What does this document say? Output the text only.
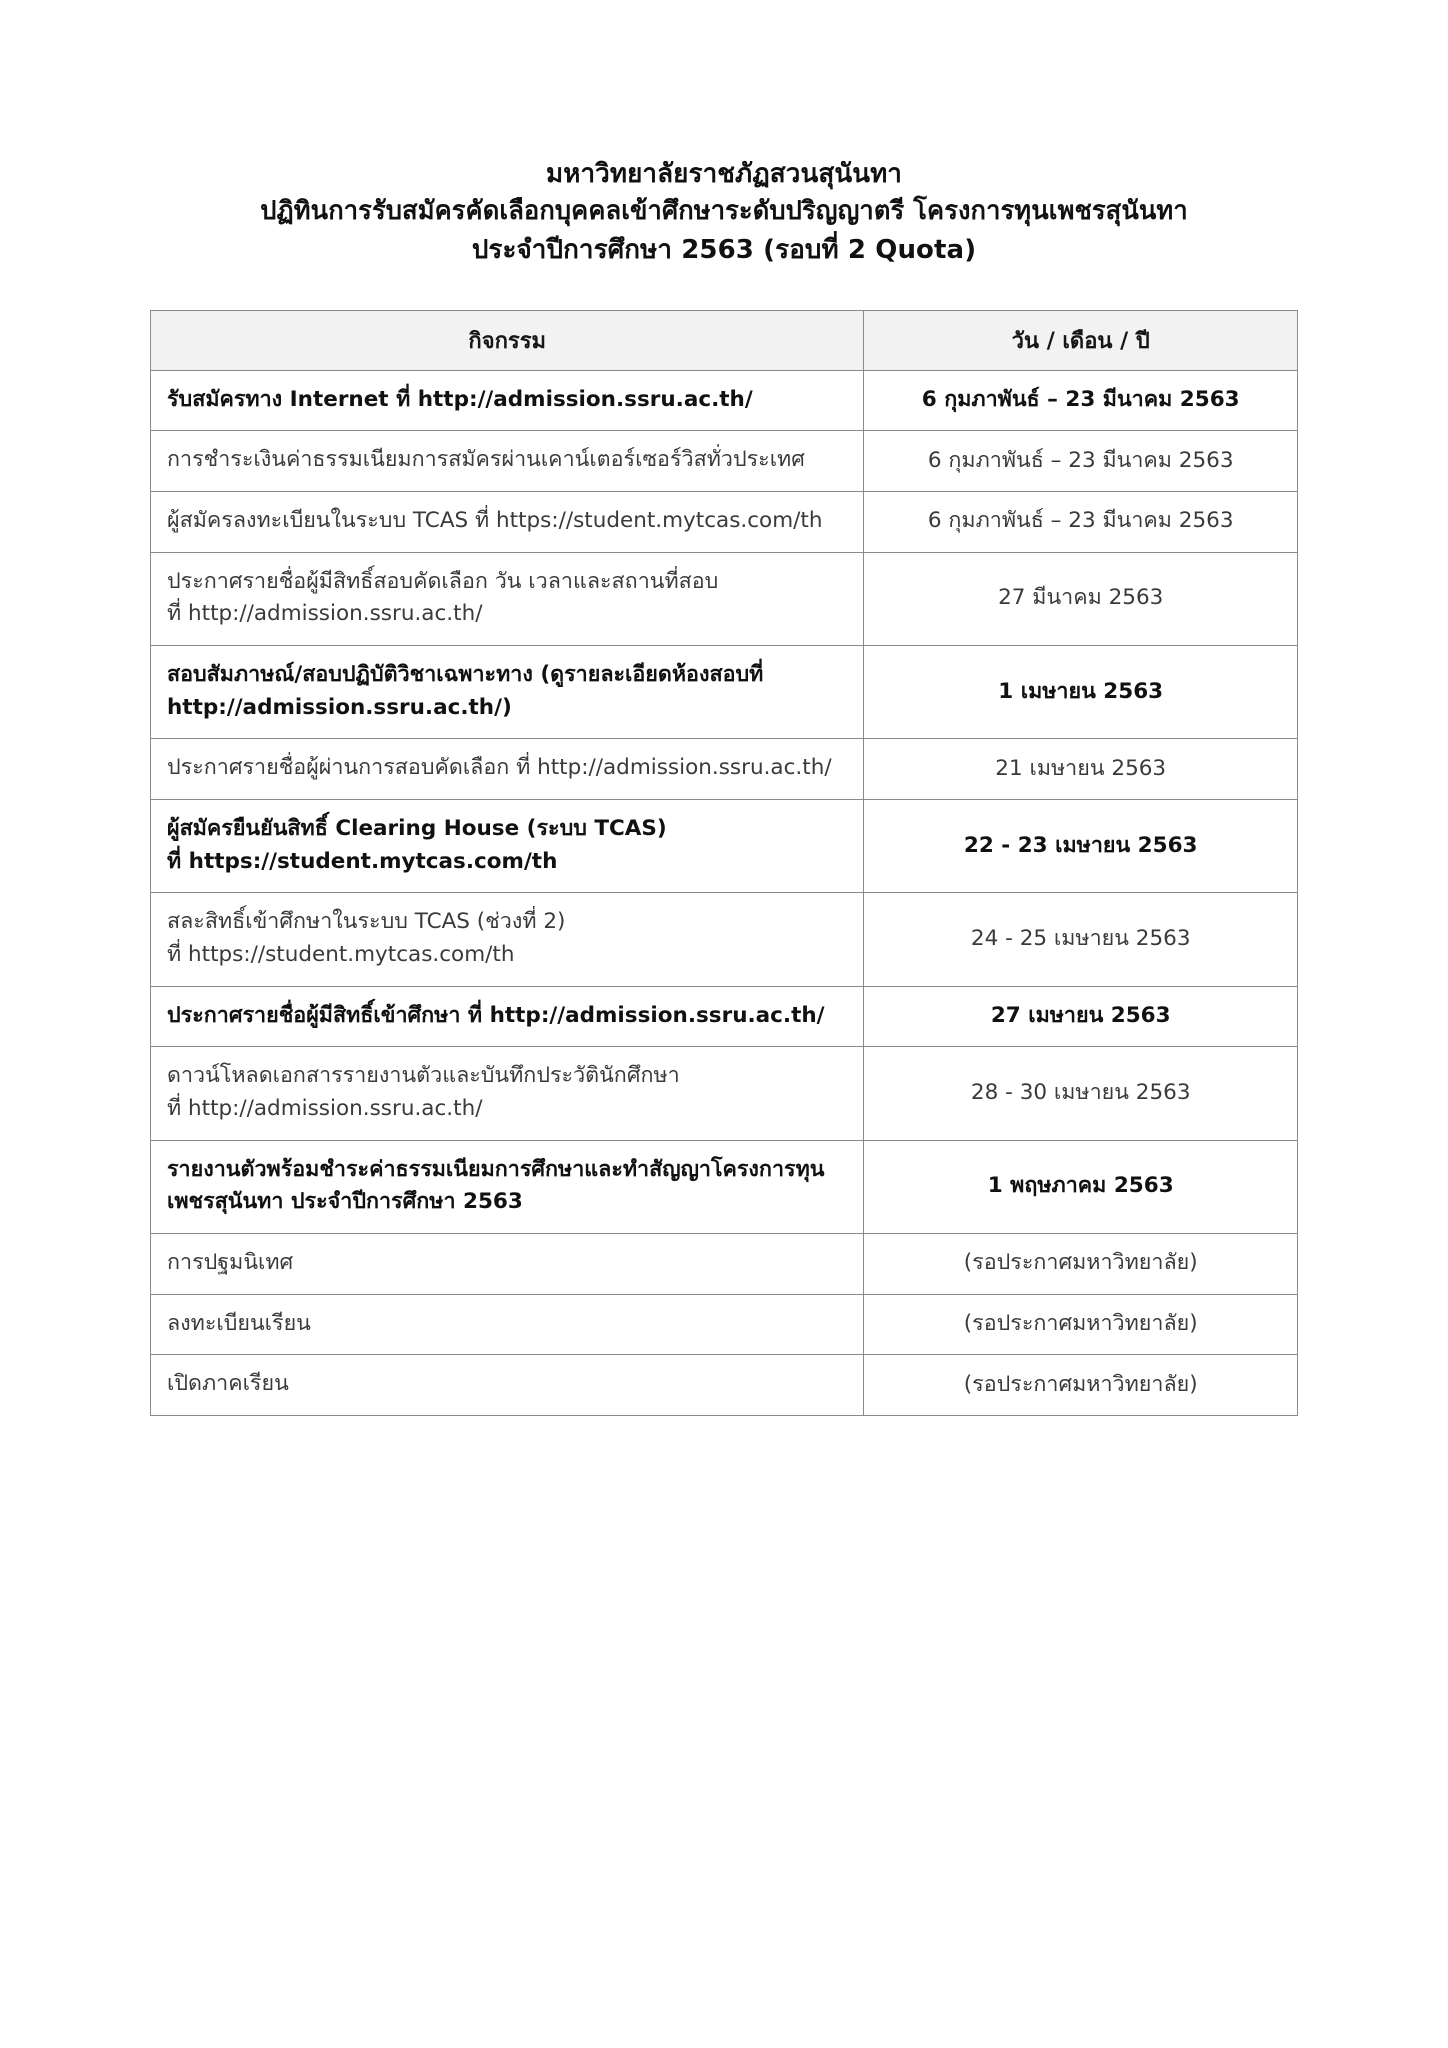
มหาวิทยาลัยราชภัฏสวนสุนันทา
ปฏิทินการรับสมัครคัดเลือกบุคคลเข้าศึกษาระดับปริญญาตรี โครงการทุนเพชรสุนันทา
ประจำปีการศึกษา 2563 (รอบที่ 2 Quota)
กิจกรรม	วัน / เดือน / ปี
รับสมัครทาง Internet ที่ http://admission.ssru.ac.th/	6 กุมภาพันธ์ – 23 มีนาคม 2563
การชำระเงินค่าธรรมเนียมการสมัครผ่านเคาน์เตอร์เซอร์วิสทั่วประเทศ	6 กุมภาพันธ์ – 23 มีนาคม 2563
ผู้สมัครลงทะเบียนในระบบ TCAS ที่ https://student.mytcas.com/th	6 กุมภาพันธ์ – 23 มีนาคม 2563
ประกาศรายชื่อผู้มีสิทธิ์สอบคัดเลือก วัน เวลาและสถานที่สอบ
ที่ http://admission.ssru.ac.th/	27 มีนาคม 2563
สอบสัมภาษณ์/สอบปฏิบัติวิชาเฉพาะทาง (ดูรายละเอียดห้องสอบที่
http://admission.ssru.ac.th/)	1 เมษายน 2563
ประกาศรายชื่อผู้ผ่านการสอบคัดเลือก ที่ http://admission.ssru.ac.th/	21 เมษายน 2563
ผู้สมัครยืนยันสิทธิ์ Clearing House (ระบบ TCAS)
ที่ https://student.mytcas.com/th	22 - 23 เมษายน 2563
สละสิทธิ์เข้าศึกษาในระบบ TCAS (ช่วงที่ 2)
ที่ https://student.mytcas.com/th	24 - 25 เมษายน 2563
ประกาศรายชื่อผู้มีสิทธิ์เข้าศึกษา ที่ http://admission.ssru.ac.th/	27 เมษายน 2563
ดาวน์โหลดเอกสารรายงานตัวและบันทึกประวัตินักศึกษา
ที่ http://admission.ssru.ac.th/	28 - 30 เมษายน 2563
รายงานตัวพร้อมชำระค่าธรรมเนียมการศึกษาและทำสัญญาโครงการทุน
เพชรสุนันทา ประจำปีการศึกษา 2563	1 พฤษภาคม 2563
การปฐมนิเทศ	(รอประกาศมหาวิทยาลัย)
ลงทะเบียนเรียน	(รอประกาศมหาวิทยาลัย)
เปิดภาคเรียน	(รอประกาศมหาวิทยาลัย)
